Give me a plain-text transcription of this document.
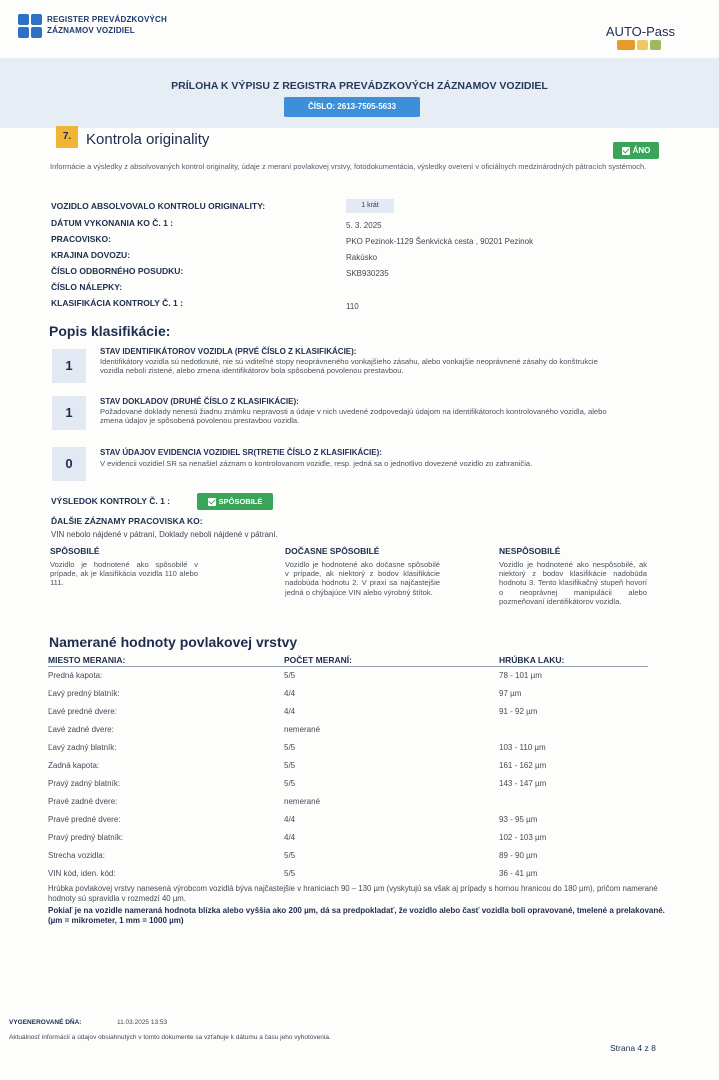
REGISTER PREVÁDZKOVÝCH
ZÁZNAMOV VOZIDIEL	AUTO-Pass
PRÍLOHA K VÝPISU Z REGISTRA PREVÁDZKOVÝCH ZÁZNAMOV VOZIDIEL
ČÍSLO: 2613-7505-5633
7. Kontrola originality
ÁNO
Informácie a výsledky z absolvovaných kontrol originality, údaje z meraní povlakovej vrstvy, fotodokumentácia, výsledky overení v oficiálnych medzinárodných pátracích systémoch.
VOZIDLO ABSOLVOVALO KONTROLU ORIGINALITY:	1 krát
DÁTUM VYKONANIA KO Č. 1 :	5. 3. 2025
PRACOVISKO:	PKO Pezinok-1129 Šenkvická cesta , 90201 Pezinok
KRAJINA DOVOZU:	Rakúsko
ČÍSLO ODBORNÉHO POSUDKU:	SKB930235
ČÍSLO NÁLEPKY:
KLASIFIKÁCIA KONTROLY Č. 1 :	110
Popis klasifikácie:
1
STAV IDENTIFIKÁTOROV VOZIDLA (PRVÉ ČÍSLO Z KLASIFIKÁCIE):
Identifikátory vozidla sú nedotknuté, nie sú viditeľné stopy neoprávneného vonkajšieho zásahu, alebo vonkajšie neoprávnené zásahy do konštrukcie vozidla neboli zistené, alebo zmena identifikátorov bola spôsobená povolenou prestavbou.
1
STAV DOKLADOV (DRUHÉ ČÍSLO Z KLASIFIKÁCIE):
Požadované doklady nenesú žiadnu známku nepravosti a údaje v nich uvedené zodpovedajú údajom na identifikátoroch kontrolovaného vozidla, alebo zmena údajov je spôsobená povolenou prestavbou vozidla.
0
STAV ÚDAJOV EVIDENCIA VOZIDIEL SR(TRETIE ČÍSLO Z KLASIFIKÁCIE):
V evidencii vozidiel SR sa nenašiel záznam o kontrolovanom vozidle, resp. jedná sa o jednotlivo dovezené vozidlo zo zahraničia.
VÝSLEDOK KONTROLY Č. 1 :	SPÔSOBILÉ
ĎALŠIE ZÁZNAMY PRACOVISKA KO:
VIN nebolo nájdené v pátraní, Doklady neboli nájdené v pátraní.
SPÔSOBILÉ
Vozidlo je hodnotené ako spôsobilé v prípade, ak je klasifikácia vozidla 110 alebo 111.
DOČASNE SPÔSOBILÉ
Vozidlo je hodnotené ako dočasne spôsobilé v prípade, ak niektorý z bodov klasifikácie nadobúda hodnotu 2. V praxi sa najčastejšie jedná o chýbajúce VIN alebo výrobný štítok.
NESPÔSOBILÉ
Vozidlo je hodnotené ako nespôsobilé, ak niektorý z bodov klasifikácie nadobúda hodnotu 3. Tento klasifikačný stupeň hovorí o neoprávnej manipulácii alebo pozmeňovaní identifikátorov vozidla.
Namerané hodnoty povlakovej vrstvy
MIESTO MERANIA:	POČET MERANÍ:	HRÚBKA LAKU:
Predná kapota:	5/5	78 - 101 µm
Ľavý predný blatník:	4/4	97 µm
Ľavé predné dvere:	4/4	91 - 92 µm
Ľavé zadné dvere:	nemerané
Ľavý zadný blatník:	5/5	103 - 110 µm
Zadná kapota:	5/5	161 - 162 µm
Pravý zadný blatník:	5/5	143 - 147 µm
Pravé zadné dvere:	nemerané
Pravé predné dvere:	4/4	93 - 95 µm
Pravý predný blatník:	4/4	102 - 103 µm
Strecha vozidla:	5/5	89 - 90 µm
VIN kód, iden. kód:	5/5	36 - 41 µm
Hrúbka povlakovej vrstvy nanesená výrobcom vozidlá býva najčastejšie v hraniciach 90 – 130 µm (vyskytujú sa však aj prípady s hornou hranicou do 180 µm), pričom namerané hodnoty sú spravidla v rozmedzí 40 µm.
Pokiaľ je na vozidle nameraná hodnota blízka alebo vyššia ako 200 µm, dá sa predpokladať, že vozidlo alebo časť vozidla boli opravované, tmelené a prelakované. (µm = mikrometer, 1 mm = 1000 µm)
VYGENEROVANÉ DŇA:	11.03.2025 13:53
Aktuálnosť informácií a údajov obsiahnutých v tomto dokumente sa vzťahuje k dátumu a času jeho vyhotovenia.
Strana 4 z 8
